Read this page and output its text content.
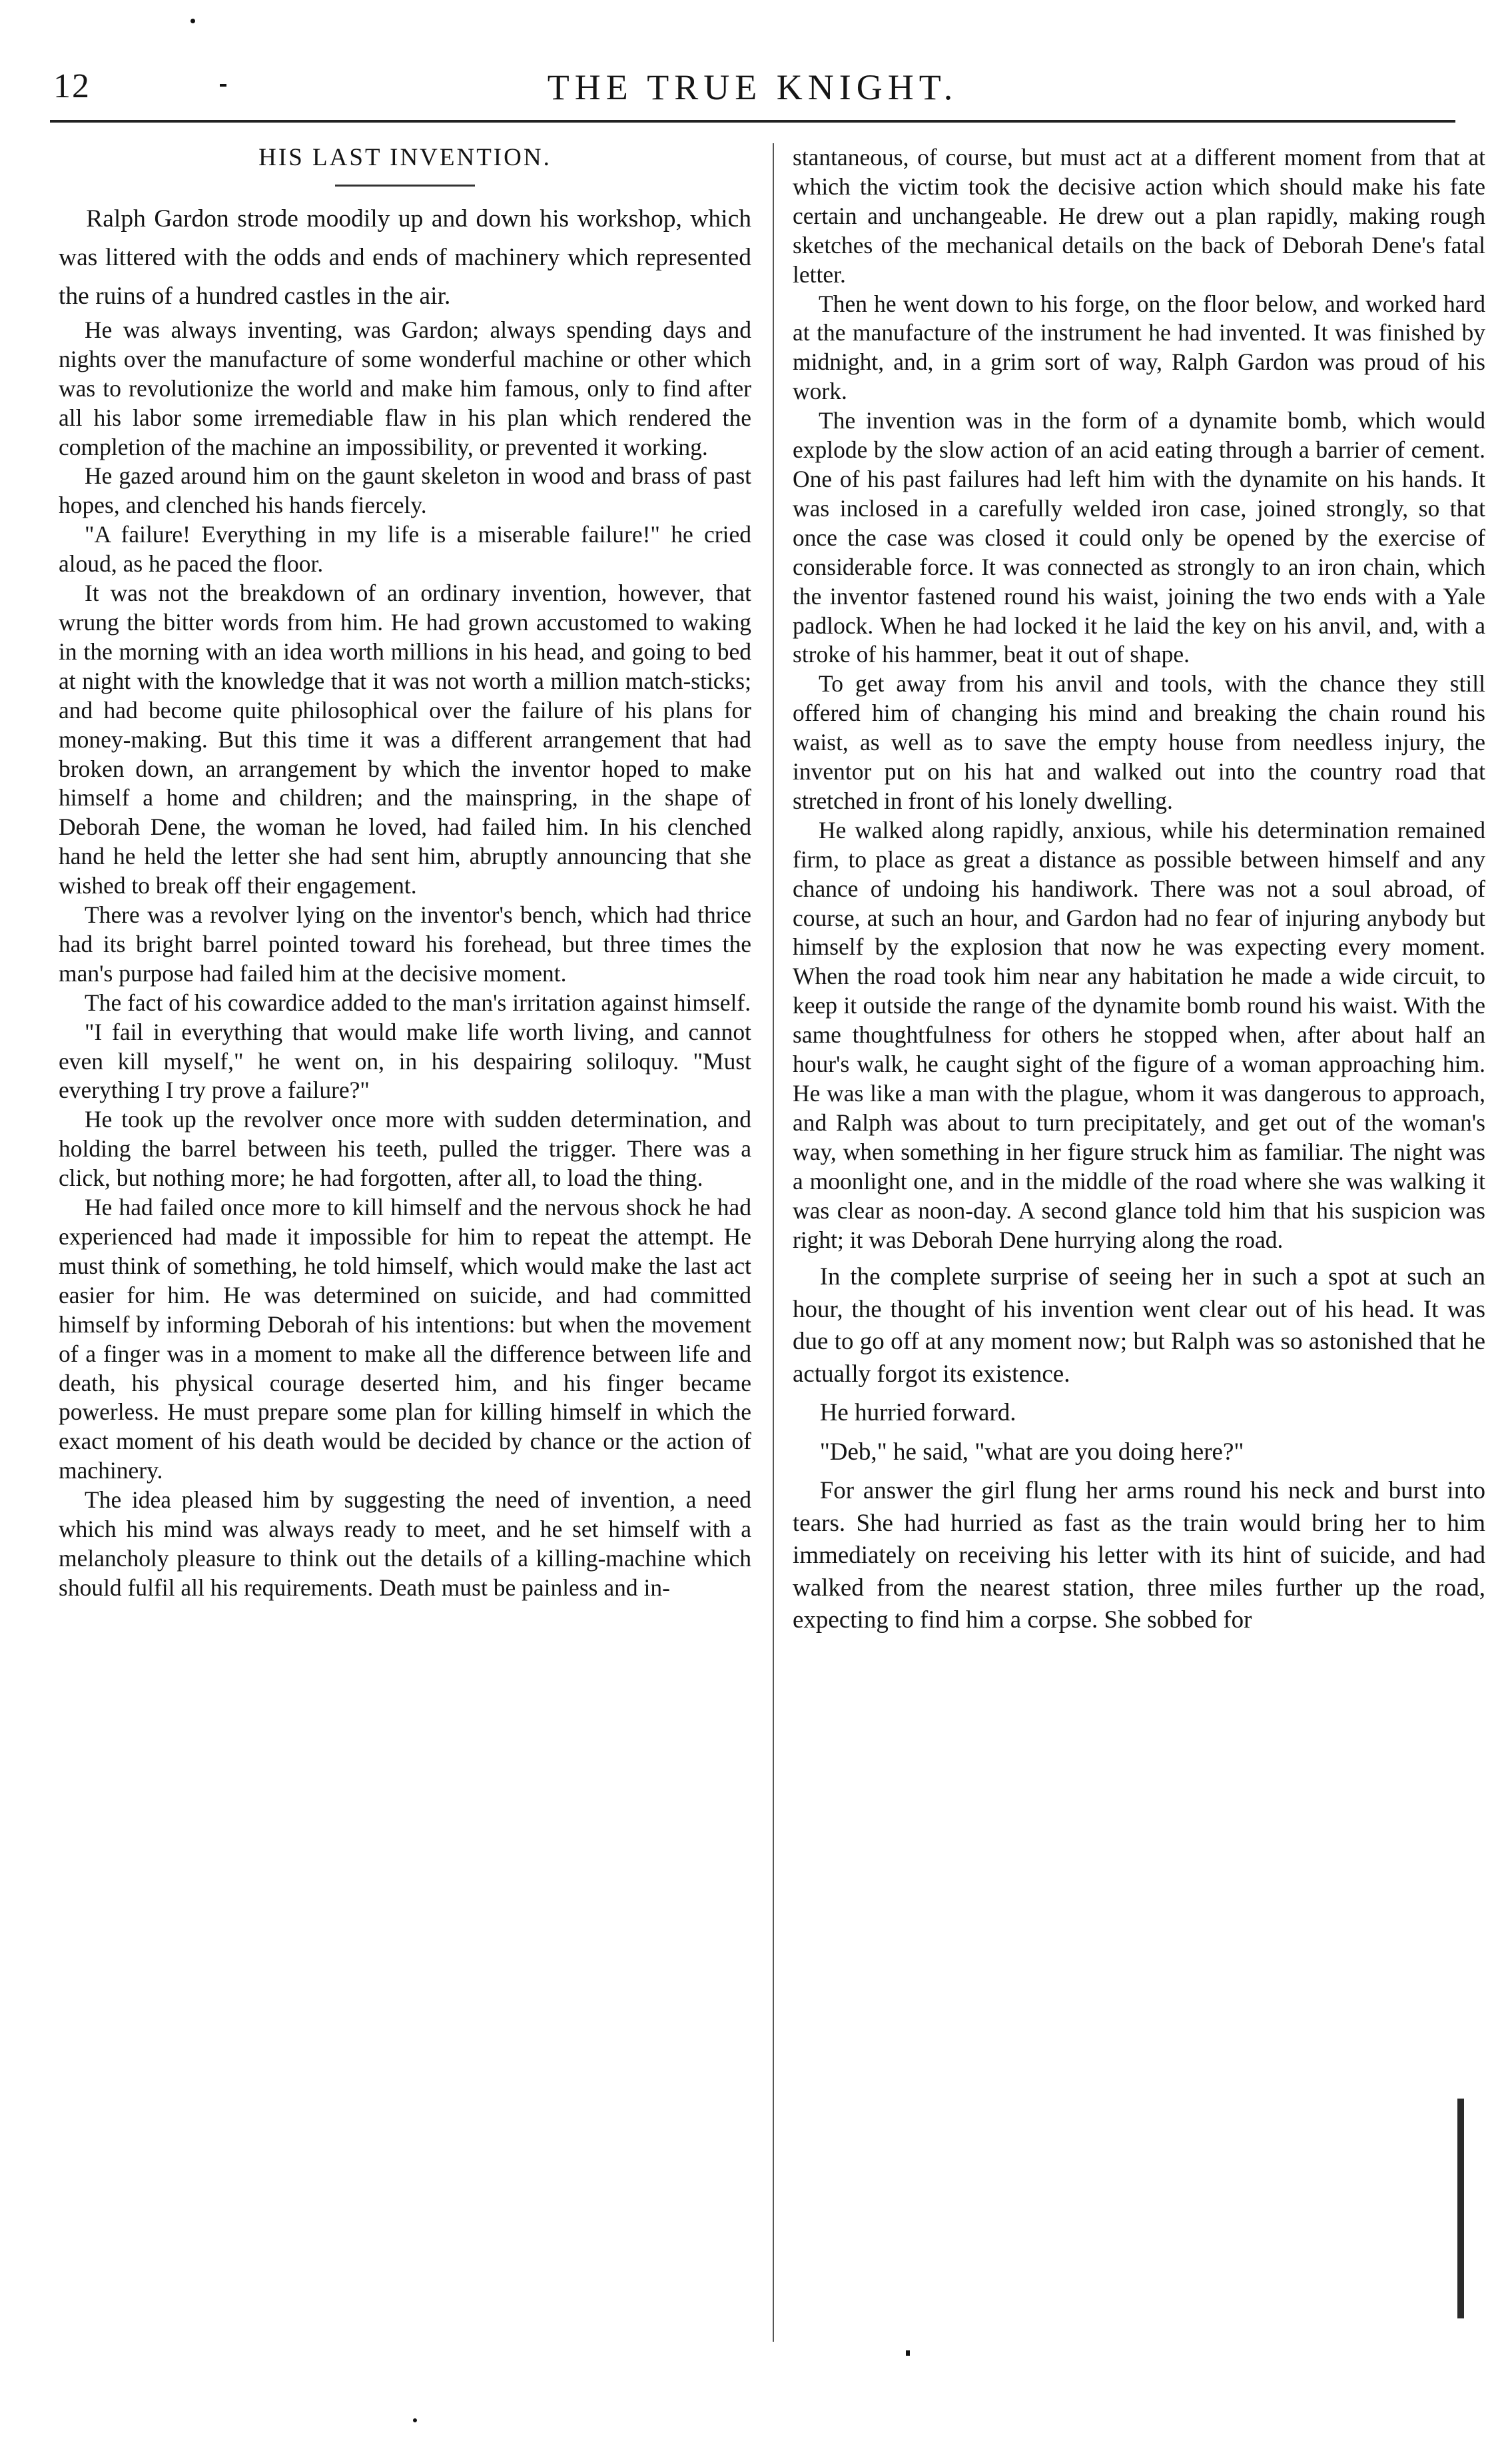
12	THE TRUE KNIGHT.
HIS LAST INVENTION.

Ralph Gardon strode moodily up and down his workshop, which was littered with the odds and ends of machinery which represented the ruins of a hundred castles in the air.

He was always inventing, was Gardon; always spending days and nights over the manufacture of some wonderful machine or other which was to revolutionize the world and make him famous, only to find after all his labor some irremediable flaw in his plan which rendered the completion of the machine an impossibility, or prevented it working.

He gazed around him on the gaunt skeleton in wood and brass of past hopes, and clenched his hands fiercely.

"A failure! Everything in my life is a miserable failure!" he cried aloud, as he paced the floor.

It was not the breakdown of an ordinary invention, however, that wrung the bitter words from him. He had grown accustomed to waking in the morning with an idea worth millions in his head, and going to bed at night with the knowledge that it was not worth a million match-sticks; and had become quite philosophical over the failure of his plans for money-making. But this time it was a different arrangement that had broken down, an arrangement by which the inventor hoped to make himself a home and children; and the mainspring, in the shape of Deborah Dene, the woman he loved, had failed him. In his clenched hand he held the letter she had sent him, abruptly announcing that she wished to break off their engagement.

There was a revolver lying on the inventor's bench, which had thrice had its bright barrel pointed toward his forehead, but three times the man's purpose had failed him at the decisive moment.

The fact of his cowardice added to the man's irritation against himself.

"I fail in everything that would make life worth living, and cannot even kill myself," he went on, in his despairing soliloquy. "Must everything I try prove a failure?"

He took up the revolver once more with sudden determination, and holding the barrel between his teeth, pulled the trigger. There was a click, but nothing more; he had forgotten, after all, to load the thing.

He had failed once more to kill himself and the nervous shock he had experienced had made it impossible for him to repeat the attempt. He must think of something, he told himself, which would make the last act easier for him. He was determined on suicide, and had committed himself by informing Deborah of his intentions: but when the movement of a finger was in a moment to make all the difference between life and death, his physical courage deserted him, and his finger became powerless. He must prepare some plan for killing himself in which the exact moment of his death would be decided by chance or the action of machinery.

The idea pleased him by suggesting the need of invention, a need which his mind was always ready to meet, and he set himself with a melancholy pleasure to think out the details of a killing-machine which should fulfil all his requirements. Death must be painless and in-

stantaneous, of course, but must act at a different moment from that at which the victim took the decisive action which should make his fate certain and unchangeable. He drew out a plan rapidly, making rough sketches of the mechanical details on the back of Deborah Dene's fatal letter.

Then he went down to his forge, on the floor below, and worked hard at the manufacture of the instrument he had invented. It was finished by midnight, and, in a grim sort of way, Ralph Gardon was proud of his work.

The invention was in the form of a dynamite bomb, which would explode by the slow action of an acid eating through a barrier of cement. One of his past failures had left him with the dynamite on his hands. It was inclosed in a carefully welded iron case, joined strongly, so that once the case was closed it could only be opened by the exercise of considerable force. It was connected as strongly to an iron chain, which the inventor fastened round his waist, joining the two ends with a Yale padlock. When he had locked it he laid the key on his anvil, and, with a stroke of his hammer, beat it out of shape.

To get away from his anvil and tools, with the chance they still offered him of changing his mind and breaking the chain round his waist, as well as to save the empty house from needless injury, the inventor put on his hat and walked out into the country road that stretched in front of his lonely dwelling.

He walked along rapidly, anxious, while his determination remained firm, to place as great a distance as possible between himself and any chance of undoing his handiwork. There was not a soul abroad, of course, at such an hour, and Gardon had no fear of injuring anybody but himself by the explosion that now he was expecting every moment. When the road took him near any habitation he made a wide circuit, to keep it outside the range of the dynamite bomb round his waist. With the same thoughtfulness for others he stopped when, after about half an hour's walk, he caught sight of the figure of a woman approaching him. He was like a man with the plague, whom it was dangerous to approach, and Ralph was about to turn precipitately, and get out of the woman's way, when something in her figure struck him as familiar. The night was a moonlight one, and in the middle of the road where she was walking it was clear as noon-day. A second glance told him that his suspicion was right; it was Deborah Dene hurrying along the road.

In the complete surprise of seeing her in such a spot at such an hour, the thought of his invention went clear out of his head. It was due to go off at any moment now; but Ralph was so astonished that he actually forgot its existence.

He hurried forward.

"Deb," he said, "what are you doing here?"

For answer the girl flung her arms round his neck and burst into tears. She had hurried as fast as the train would bring her to him immediately on receiving his letter with its hint of suicide, and had walked from the nearest station, three miles further up the road, expecting to find him a corpse. She sobbed for
